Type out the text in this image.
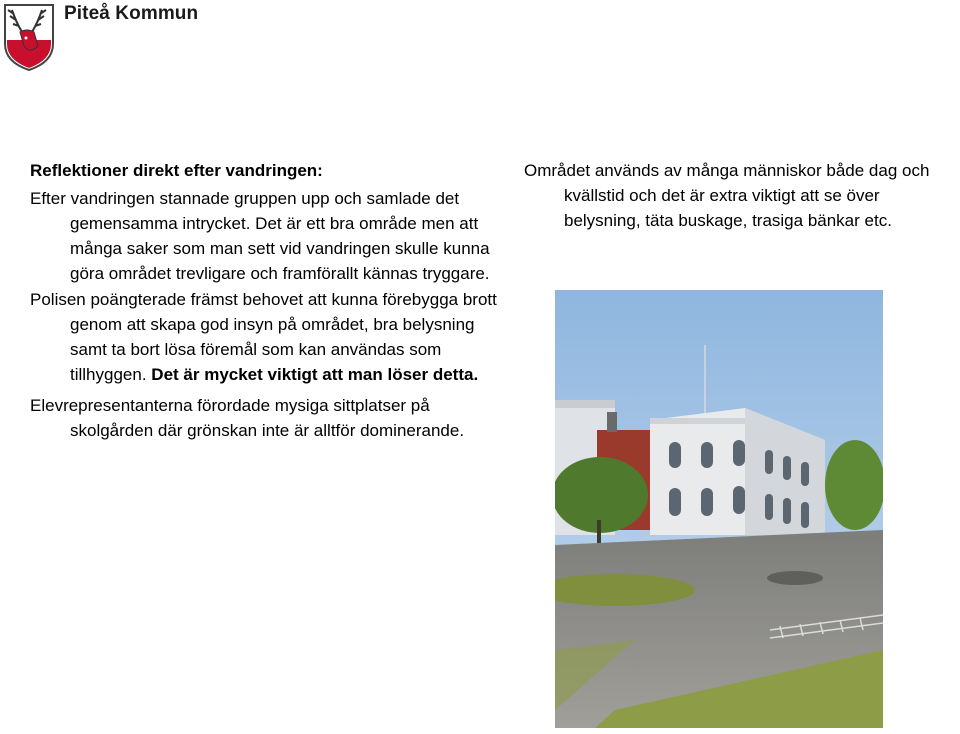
Piteå Kommun
Reflektioner direkt efter vandringen:

Efter vandringen stannade gruppen upp och samlade det gemensamma intrycket. Det är ett bra område men att många saker som man sett vid vandringen skulle kunna göra området trevligare och framförallt kännas tryggare.

Polisen poängterade främst behovet att kunna förebygga brott genom att skapa god insyn på området, bra belysning samt ta bort lösa föremål som kan användas som tillhyggen. Det är mycket viktigt att man löser detta.

Elevrepresentanterna förordade mysiga sittplatser på skolgården där grönskan inte är alltför dominerande.

Området används av många människor både dag och kvällstid och det är extra viktigt att se över belysning, täta buskage, trasiga bänkar etc.
